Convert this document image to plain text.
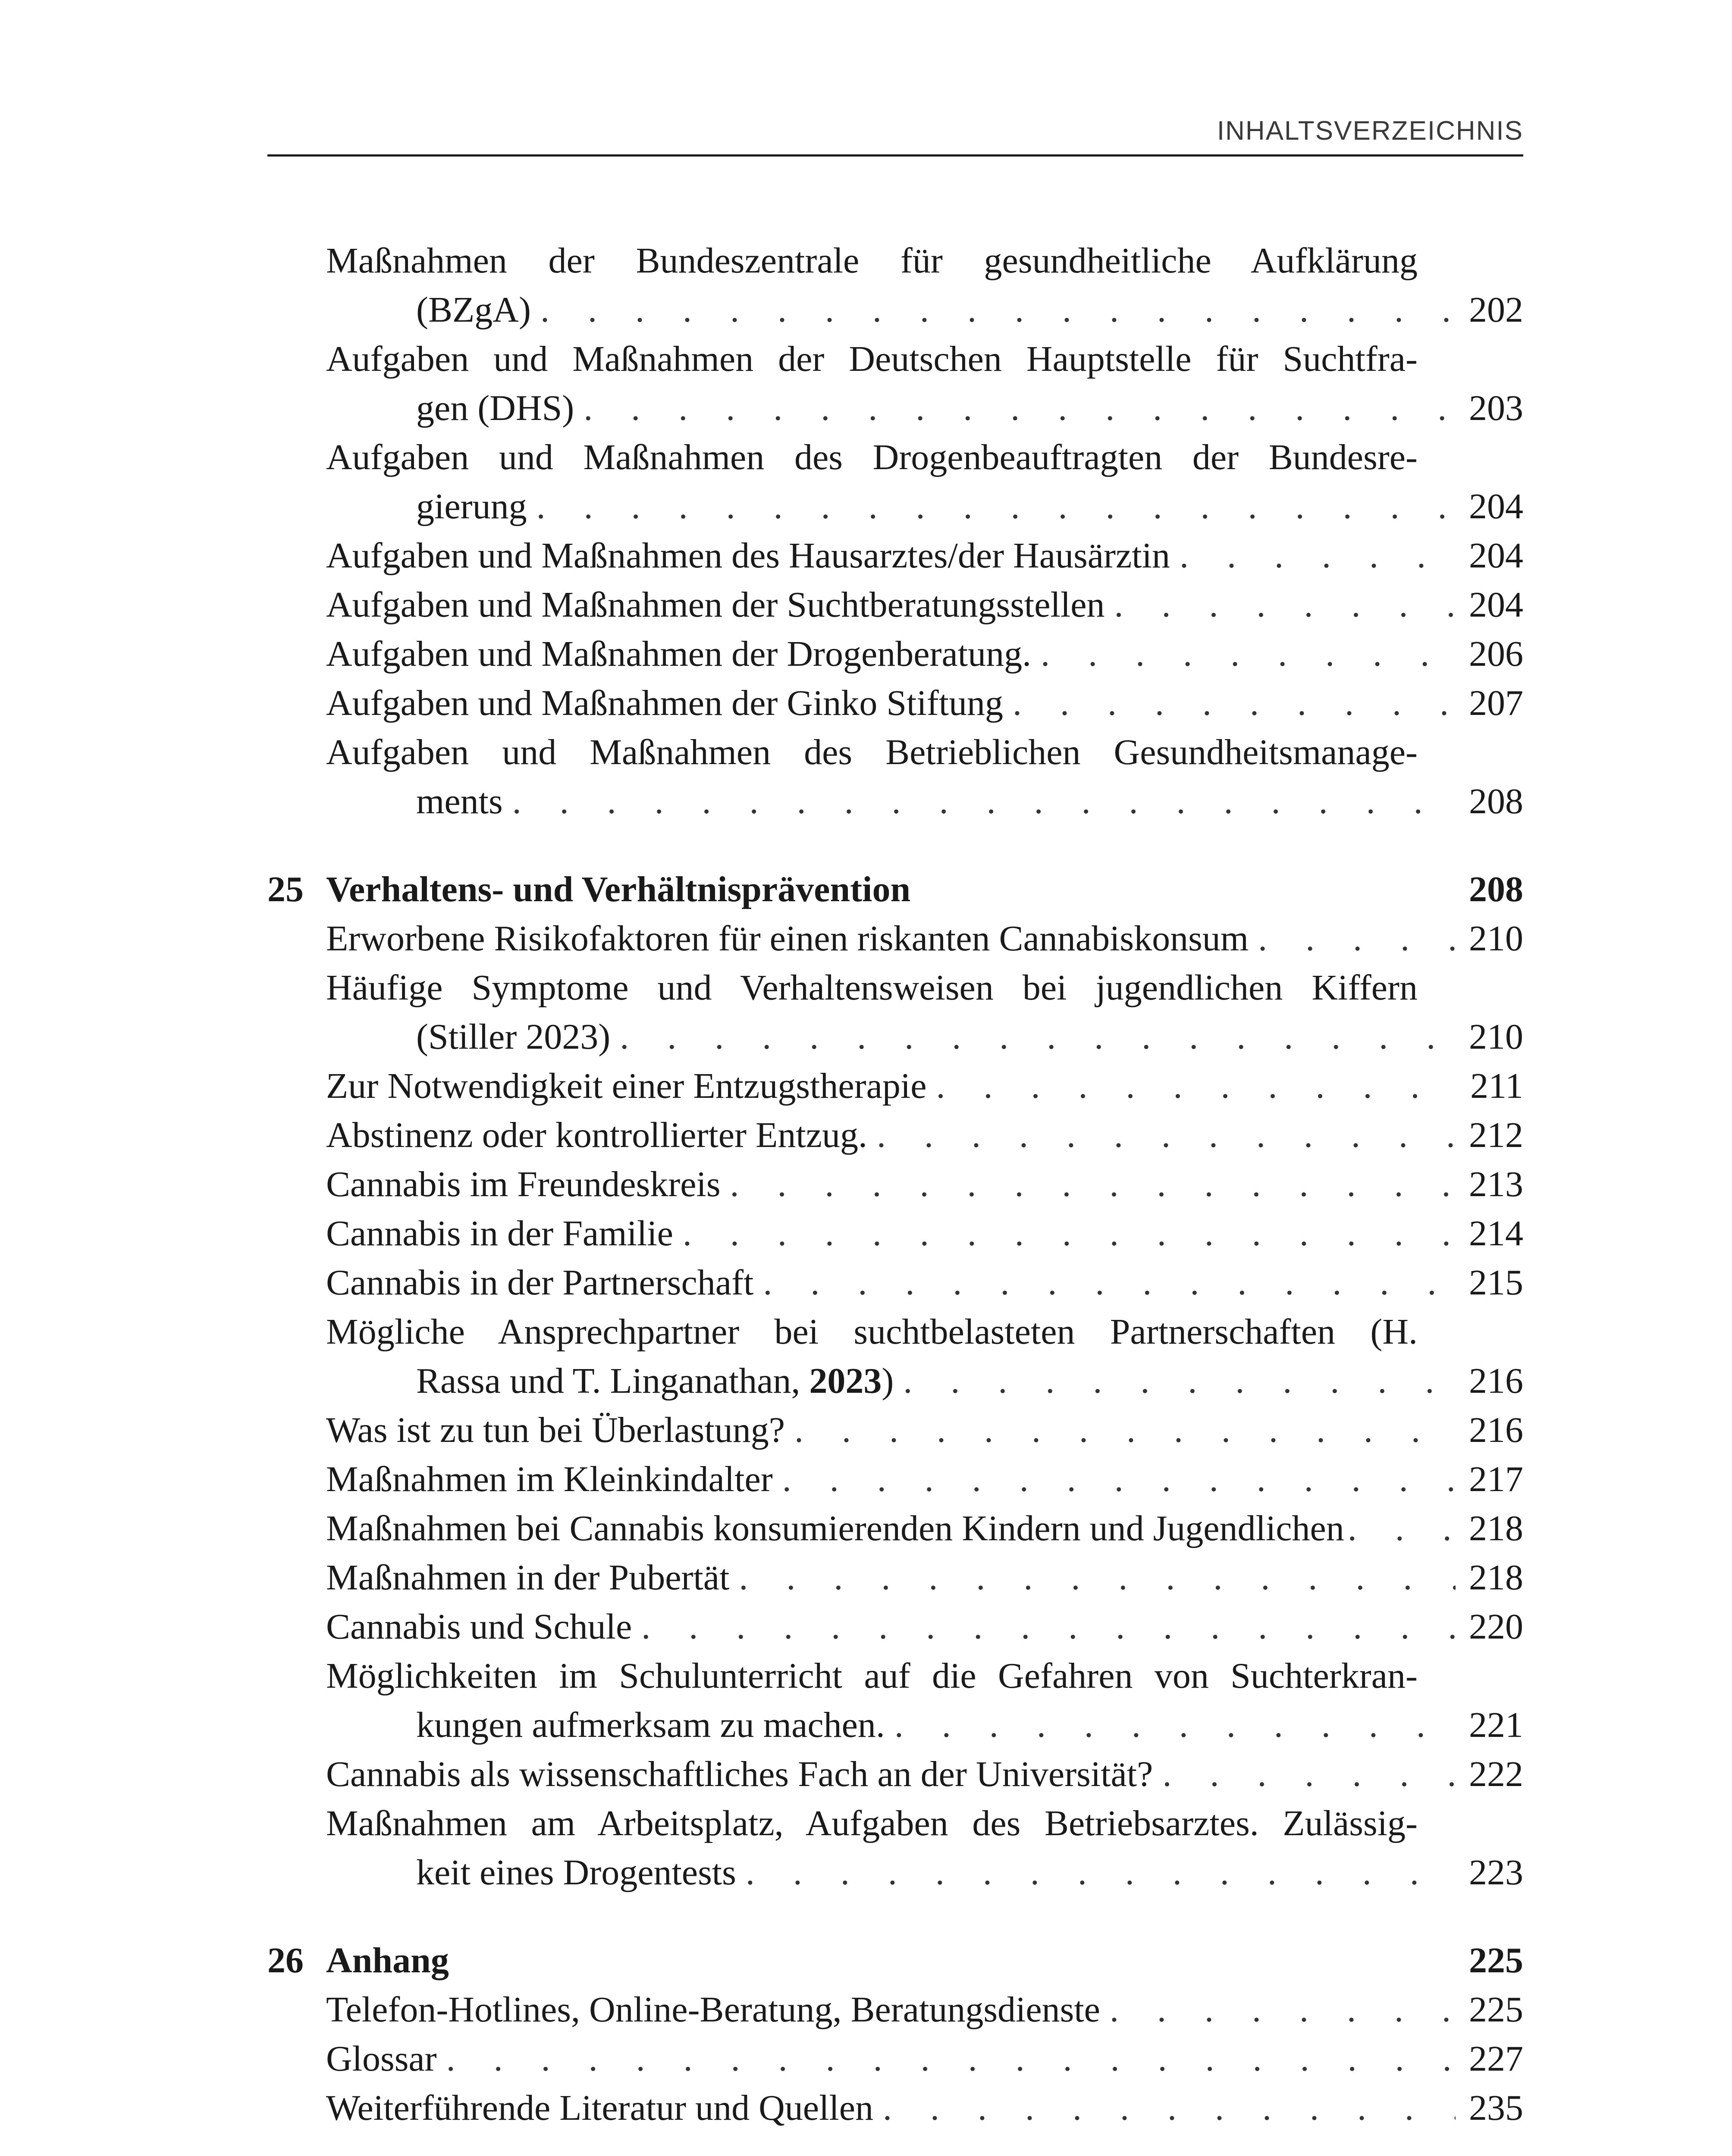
INHALTSVERZEICHNIS
Maßnahmen der Bundeszentrale für gesundheitliche Aufklärung
(BZgA) . . .	202
Aufgaben und Maßnahmen der Deutschen Hauptstelle für Suchtfra-
gen (DHS) . . .	203
Aufgaben und Maßnahmen des Drogenbeauftragten der Bundesre-
gierung . . .	204
Aufgaben und Maßnahmen des Hausarztes/der Hausärztin . . .	204
Aufgaben und Maßnahmen der Suchtberatungsstellen . . .	204
Aufgaben und Maßnahmen der Drogenberatung. . . .	206
Aufgaben und Maßnahmen der Ginko Stiftung . . .	207
Aufgaben und Maßnahmen des Betrieblichen Gesundheitsmanage-
ments . . .	208
25 Verhaltens- und Verhältnisprävention	208
Erworbene Risikofaktoren für einen riskanten Cannabiskonsum . . .	210
Häufige Symptome und Verhaltensweisen bei jugendlichen Kiffern
(Stiller 2023) . . .	210
Zur Notwendigkeit einer Entzugstherapie . . .	211
Abstinenz oder kontrollierter Entzug. . . .	212
Cannabis im Freundeskreis . . .	213
Cannabis in der Familie . . .	214
Cannabis in der Partnerschaft . . .	215
Mögliche Ansprechpartner bei suchtbelasteten Partnerschaften (H.
Rassa und T. Linganathan, 2023) . . .	216
Was ist zu tun bei Überlastung? . . .	216
Maßnahmen im Kleinkindalter . . .	217
Maßnahmen bei Cannabis konsumierenden Kindern und Jugendlichen . . .	218
Maßnahmen in der Pubertät . . .	218
Cannabis und Schule . . .	220
Möglichkeiten im Schulunterricht auf die Gefahren von Suchterkran-
kungen aufmerksam zu machen. . . .	221
Cannabis als wissenschaftliches Fach an der Universität? . . .	222
Maßnahmen am Arbeitsplatz, Aufgaben des Betriebsarztes. Zulässig-
keit eines Drogentests . . .	223
26 Anhang	225
Telefon-Hotlines, Online-Beratung, Beratungsdienste . . .	225
Glossar . . .	227
Weiterführende Literatur und Quellen . . .	235
